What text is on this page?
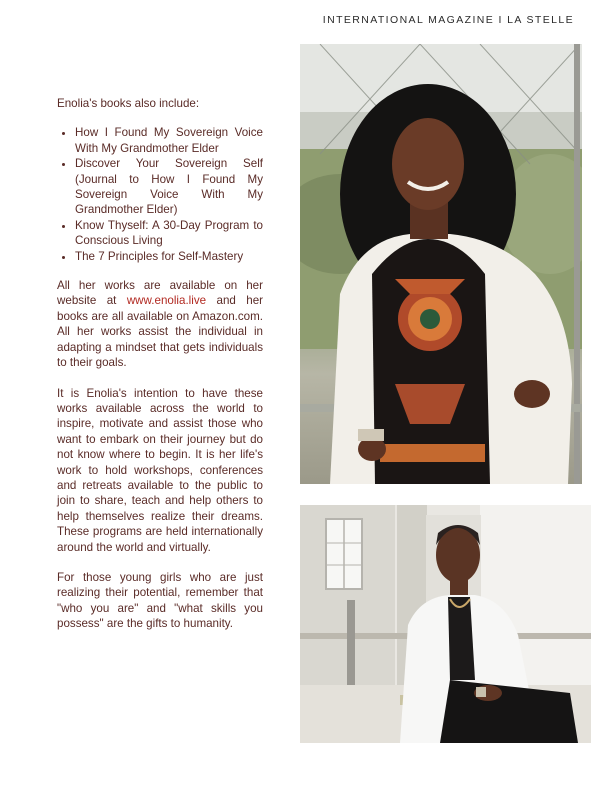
INTERNATIONAL MAGAZINE I LA STELLE

Enolia's books also include:

• How I Found My Sovereign Voice With My Grandmother Elder
• Discover Your Sovereign Self (Journal to How I Found My Sovereign Voice With My Grandmother Elder)
• Know Thyself: A 30-Day Program to Conscious Living
• The 7 Principles for Self-Mastery

All her works are available on her website at www.enolia.live and her books are all available on Amazon.com. All her works assist the individual in adapting a mindset that gets individuals to their goals.

It is Enolia's intention to have these works available across the world to inspire, motivate and assist those who want to embark on their journey but do not know where to begin. It is her life's work to hold workshops, conferences and retreats available to the public to join to share, teach and help others to help themselves realize their dreams. These programs are held internationally around the world and virtually.

For those young girls who are just realizing their potential, remember that "who you are" and "what skills you possess" are the gifts to humanity.
